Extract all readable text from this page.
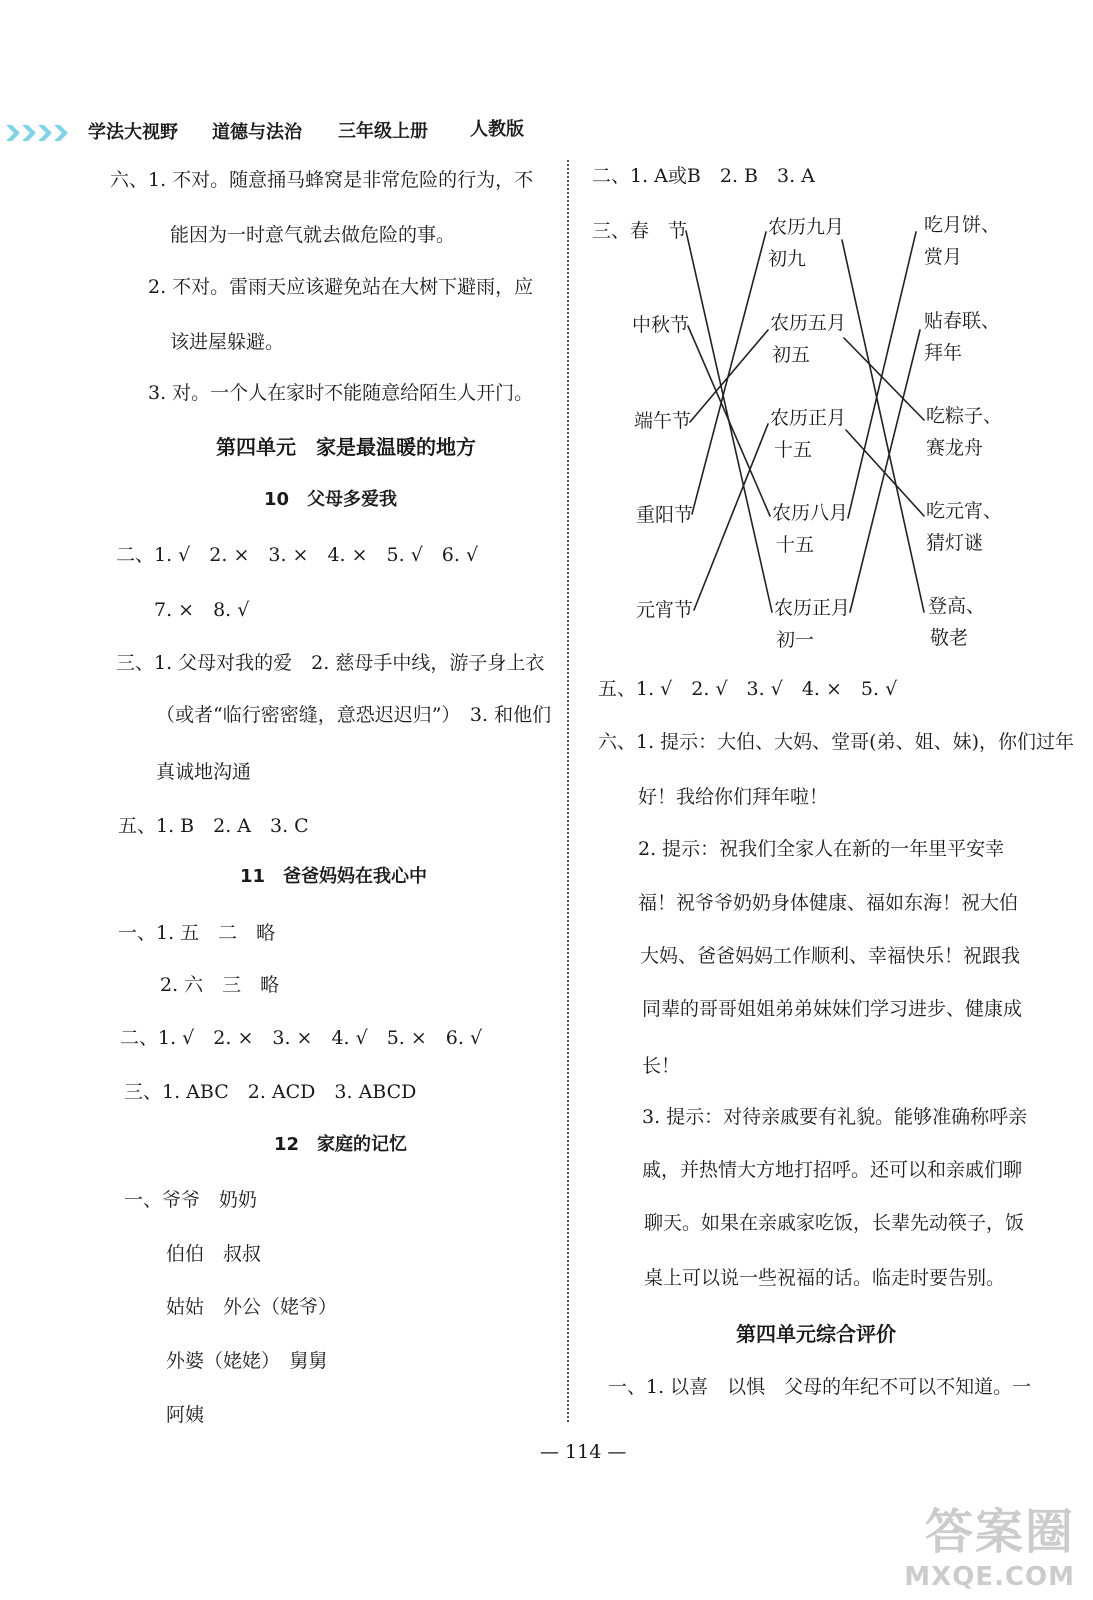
学法大视野 道德与法治 三年级上册 人教版
六、1. 不对。随意捅马蜂窝是非常危险的行为，不
能因为一时意气就去做危险的事。
2. 不对。雷雨天应该避免站在大树下避雨，应
该进屋躲避。
3. 对。一个人在家时不能随意给陌生人开门。
第四单元　家是最温暖的地方
10　父母多爱我
二、1. √　2. ×　3. ×　4. ×　5. √　6. √
7. ×　8. √
三、1. 父母对我的爱　2. 慈母手中线，游子身上衣
（或者“临行密密缝，意恐迟迟归”）　3. 和他们
真诚地沟通
五、1. B　2. A　3. C
11　爸爸妈妈在我心中
一、1. 五　二　略
2. 六　三　略
二、1. √　2. ×　3. ×　4. √　5. ×　6. √
三、1. ABC　2. ACD　3. ABCD
12　家庭的记忆
一、爷爷　奶奶
伯伯　叔叔
姑姑　外公（姥爷）
外婆（姥姥）　舅舅
阿姨
二、1. A或B　2. B　3. A
三、 春　节
中秋节
端午节
重阳节
元宵节
农历九月
初九
农历五月
初五
农历正月
十五
农历八月
十五
农历正月
初一
吃月饼、
赏月
贴春联、
拜年
吃粽子、
赛龙舟
吃元宵、
猜灯谜
登高、
敬老
五、1. √　2. √　3. √　4. ×　5. √
六、1. 提示：大伯、大妈、堂哥(弟、姐、妹)，你们过年
好！我给你们拜年啦！
2. 提示：祝我们全家人在新的一年里平安幸
福！祝爷爷奶奶身体健康、福如东海！祝大伯
大妈、爸爸妈妈工作顺利、幸福快乐！祝跟我
同辈的哥哥姐姐弟弟妹妹们学习进步、健康成
长！
3. 提示：对待亲戚要有礼貌。能够准确称呼亲
戚，并热情大方地打招呼。还可以和亲戚们聊
聊天。如果在亲戚家吃饭，长辈先动筷子，饭
桌上可以说一些祝福的话。临走时要告别。
第四单元综合评价
一、1. 以喜　以惧　父母的年纪不可以不知道。一
— 114 —
答案圈
MXQE.COM
